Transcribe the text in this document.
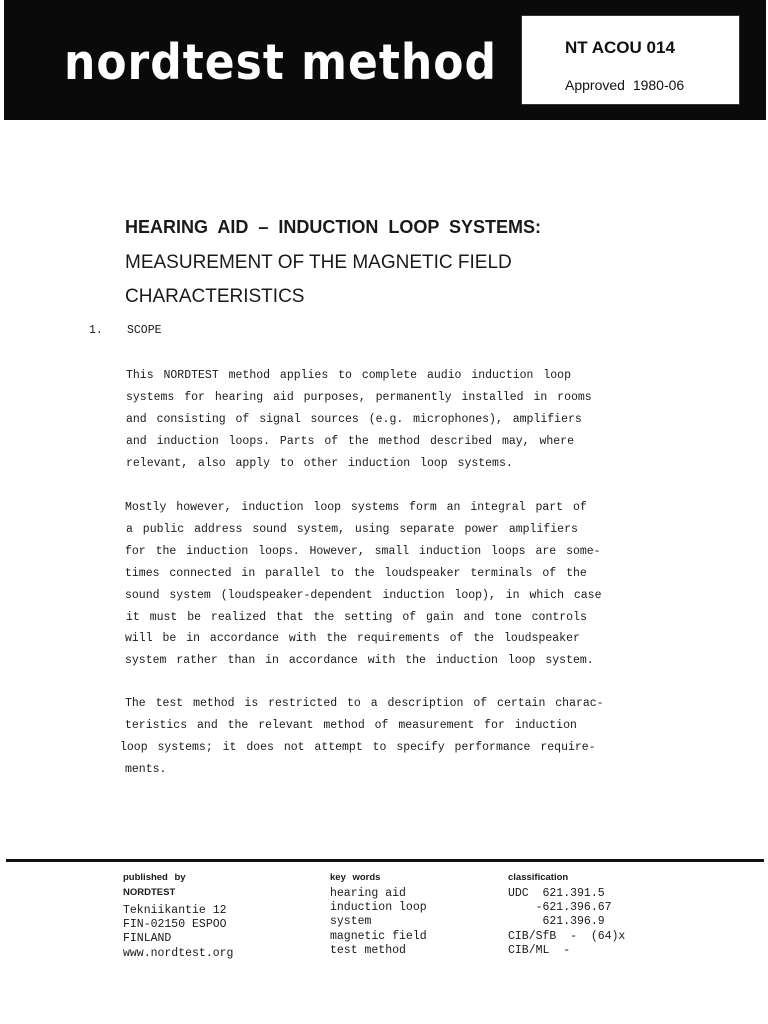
nordtest method	NT ACOU 014
Approved 1980-06
HEARING AID – INDUCTION LOOP SYSTEMS:
MEASUREMENT OF THE MAGNETIC FIELD
CHARACTERISTICS
1. SCOPE
This NORDTEST method applies to complete audio induction loop
systems for hearing aid purposes, permanently installed in rooms
and consisting of signal sources (e.g. microphones), amplifiers
and induction loops. Parts of the method described may, where
relevant, also apply to other induction loop systems.
Mostly however, induction loop systems form an integral part of
a public address sound system, using separate power amplifiers
for the induction loops. However, small induction loops are some-
times connected in parallel to the loudspeaker terminals of the
sound system (loudspeaker-dependent induction loop), in which case
it must be realized that the setting of gain and tone controls
will be in accordance with the requirements of the loudspeaker
system rather than in accordance with the induction loop system.
The test method is restricted to a description of certain charac-
teristics and the relevant method of measurement for induction
loop systems; it does not attempt to specify performance require-
ments.
published by
NORDTEST
Tekniikantie 12
FIN-02150 ESPOO
FINLAND
www.nordtest.org
key words
hearing aid
induction loop
system
magnetic field
test method
classification
UDC  621.391.5
-621.396.67
621.396.9
CIB/SfB  -  (64)x
CIB/ML  -
